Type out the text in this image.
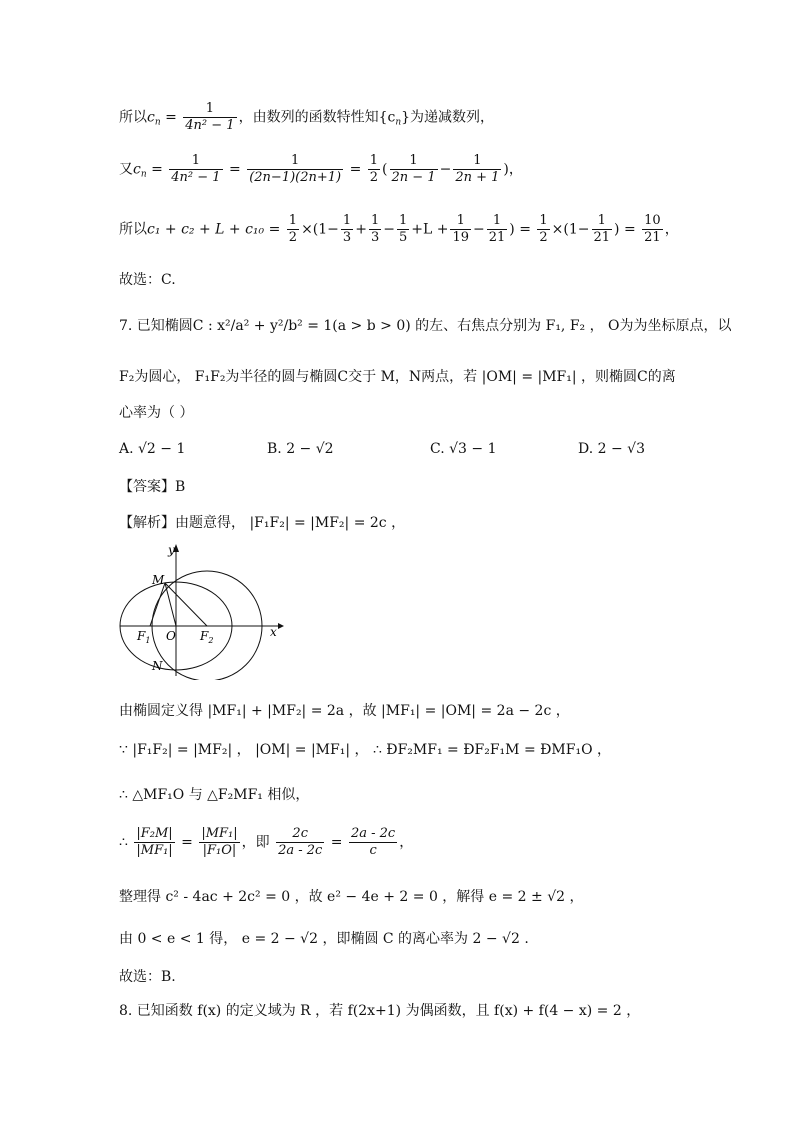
所以$c_n = \frac{1}{\text{4n² − 1}}$ ，由数列的函数特性知$\{c_n\}$为递减数列，
又$c_n = \frac{1}{\text{4n² − 1}} = \frac{1}{(2n-1)(2n+1)} = \frac{1}{2}$ ( $\frac{1}{2n - 1} - \frac{1}{2n + 1}$ )，
所以$c_1 + c_2 + L + c_{10} = \frac{1}{2} \times(1- \frac{1}{3} + \frac{1}{3} - \frac{1}{5} +L + \frac{1}{19} - \frac{1}{21}$ ) = $\frac{1}{2} \times(1- \frac{1}{21}$ ) = $\frac{10}{21}$ ，
故选：C.
7. 已知椭圆C : x²/a² + y²/b² = 1(a > b > 0) 的左、右焦点分别为 F₁, F₂ ， O为为坐标原点，以
F₂为圆心， F₁F₂为半径的圆与椭圆C交于 M，N两点，若 |OM| = |MF₁| ，则椭圆C的离
心率为（ ）
A. √2 − 1	B. 2 − √2	C. √3 − 1	D. 2 − √3
【答案】B
【解析】由题意得， |F₁F₂| = |MF₂| = 2c ，
y
x
M
N
O
$F_1$	$F_2$
由椭圆定义得 |MF₁| + |MF₂| = 2a ，故 |MF₁| = |OM| = 2a − 2c ，
∵ |F₁F₂| = |MF₂| ， |OM| = |MF₁| ， ∴ ÐF₂MF₁ = ÐF₂F₁M = ÐMF₁O ，
∴ △MF₁O 与 △F₂MF₁ 相似，
∴ $\frac{\text{|F₂M|}}{\text{|MF₁|}} = \frac{\text{|MF₁|}}{\text{|F₁O|}}$ ，即 $\frac{2c}{2a - 2c} = \frac{2a - 2c}{c}$ ，
整理得 c² - 4ac + 2c² = 0 ，故 e² − 4e + 2 = 0 ，解得 e = 2 ± √2 ，
由 0 < e < 1 得， e = 2 − √2 ，即椭圆 C 的离心率为 2 − √2 .
故选：B.
8. 已知函数 f(x) 的定义域为 R ，若 f(2x+1) 为偶函数，且 f(x) + f(4 − x) = 2 ，
